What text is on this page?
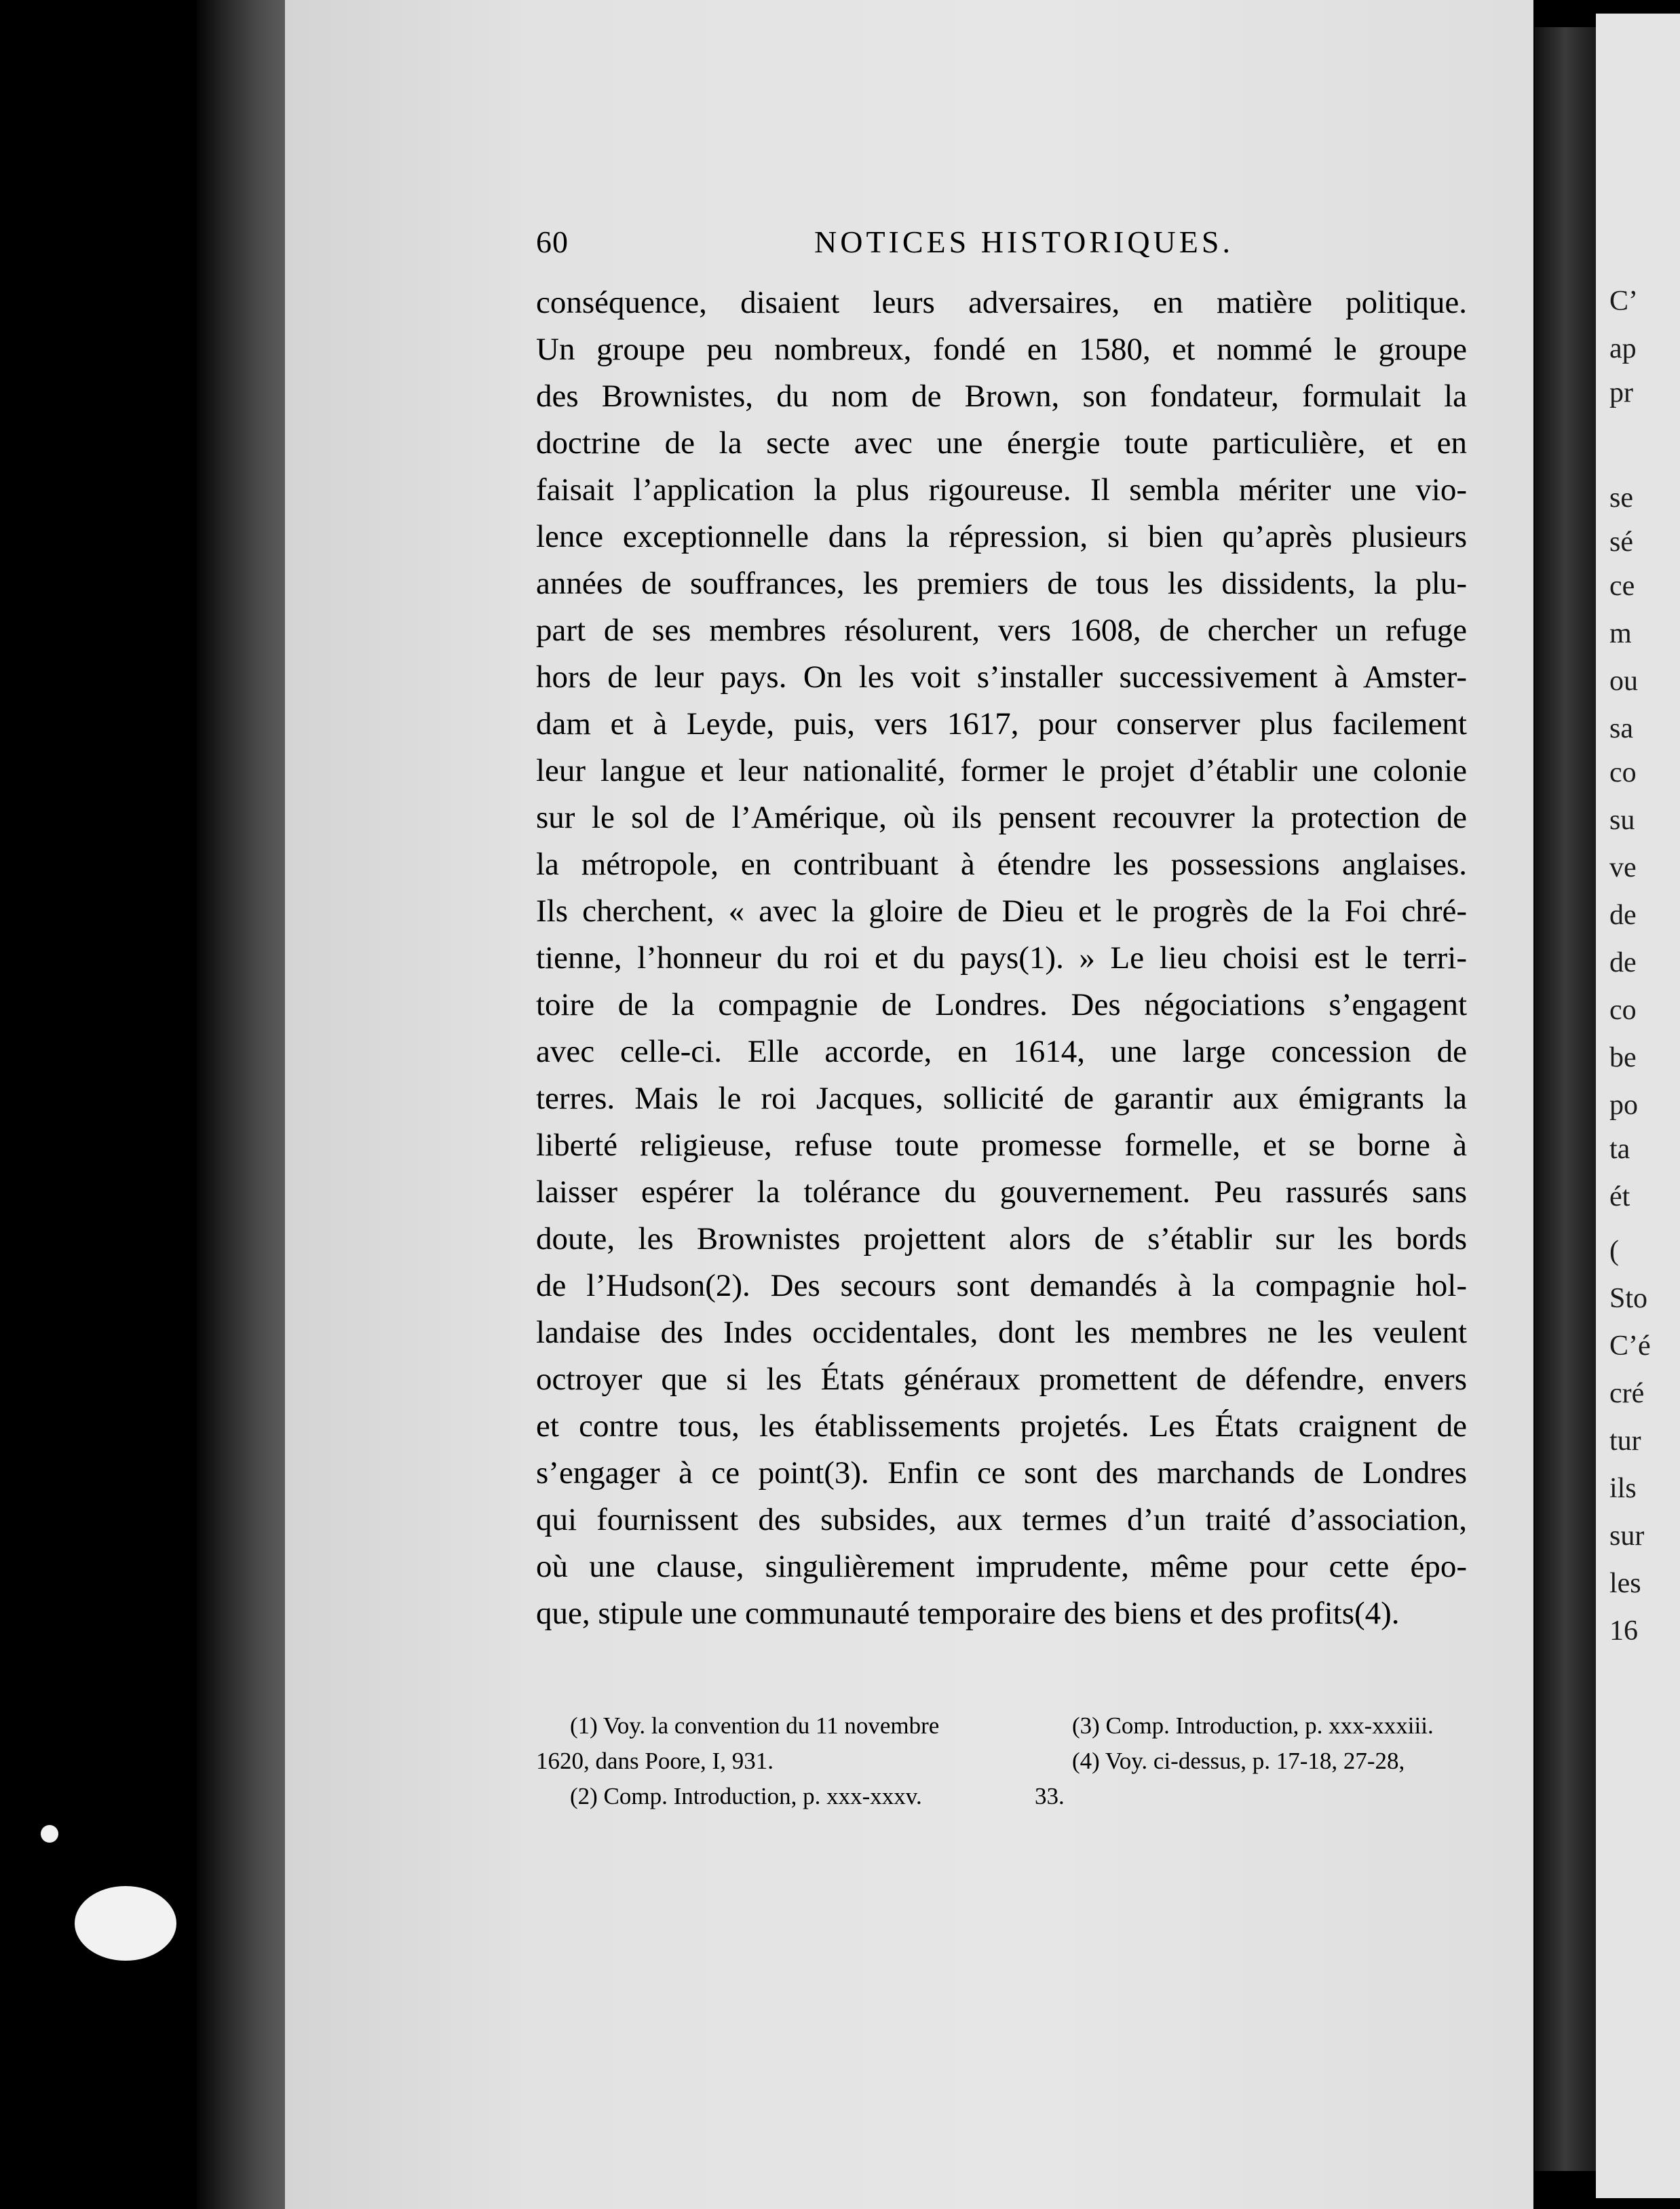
60	NOTICES HISTORIQUES.
conséquence, disaient leurs adversaires, en matière politique.
Un groupe peu nombreux, fondé en 1580, et nommé le groupe
des Brownistes, du nom de Brown, son fondateur, formulait la
doctrine de la secte avec une énergie toute particulière, et en
faisait l’application la plus rigoureuse. Il sembla mériter une vio-
lence exceptionnelle dans la répression, si bien qu’après plusieurs
années de souffrances, les premiers de tous les dissidents, la plu-
part de ses membres résolurent, vers 1608, de chercher un refuge
hors de leur pays. On les voit s’installer successivement à Amster-
dam et à Leyde, puis, vers 1617, pour conserver plus facilement
leur langue et leur nationalité, former le projet d’établir une colonie
sur le sol de l’Amérique, où ils pensent recouvrer la protection de
la métropole, en contribuant à étendre les possessions anglaises.
Ils cherchent, « avec la gloire de Dieu et le progrès de la Foi chré-
tienne, l’honneur du roi et du pays(1). » Le lieu choisi est le terri-
toire de la compagnie de Londres. Des négociations s’engagent
avec celle-ci. Elle accorde, en 1614, une large concession de
terres. Mais le roi Jacques, sollicité de garantir aux émigrants la
liberté religieuse, refuse toute promesse formelle, et se borne à
laisser espérer la tolérance du gouvernement. Peu rassurés sans
doute, les Brownistes projettent alors de s’établir sur les bords
de l’Hudson(2). Des secours sont demandés à la compagnie hol-
landaise des Indes occidentales, dont les membres ne les veulent
octroyer que si les États généraux promettent de défendre, envers
et contre tous, les établissements projetés. Les États craignent de
s’engager à ce point(3). Enfin ce sont des marchands de Londres
qui fournissent des subsides, aux termes d’un traité d’association,
où une clause, singulièrement imprudente, même pour cette épo-
que, stipule une communauté temporaire des biens et des profits(4).
(1) Voy. la convention du 11 novembre
1620, dans Poore, I, 931.
(2) Comp. Introduction, p. xxx-xxxv.
(3) Comp. Introduction, p. xxx-xxxiii.
(4) Voy. ci-dessus, p. 17-18, 27-28,
33.
C’
ap
pr
se
sé
ce
m
ou
sa
co
su
ve
de
de
co
be
po
ta
ét
(
Sto
C’é
cré
tur
ils
sur
les
16
